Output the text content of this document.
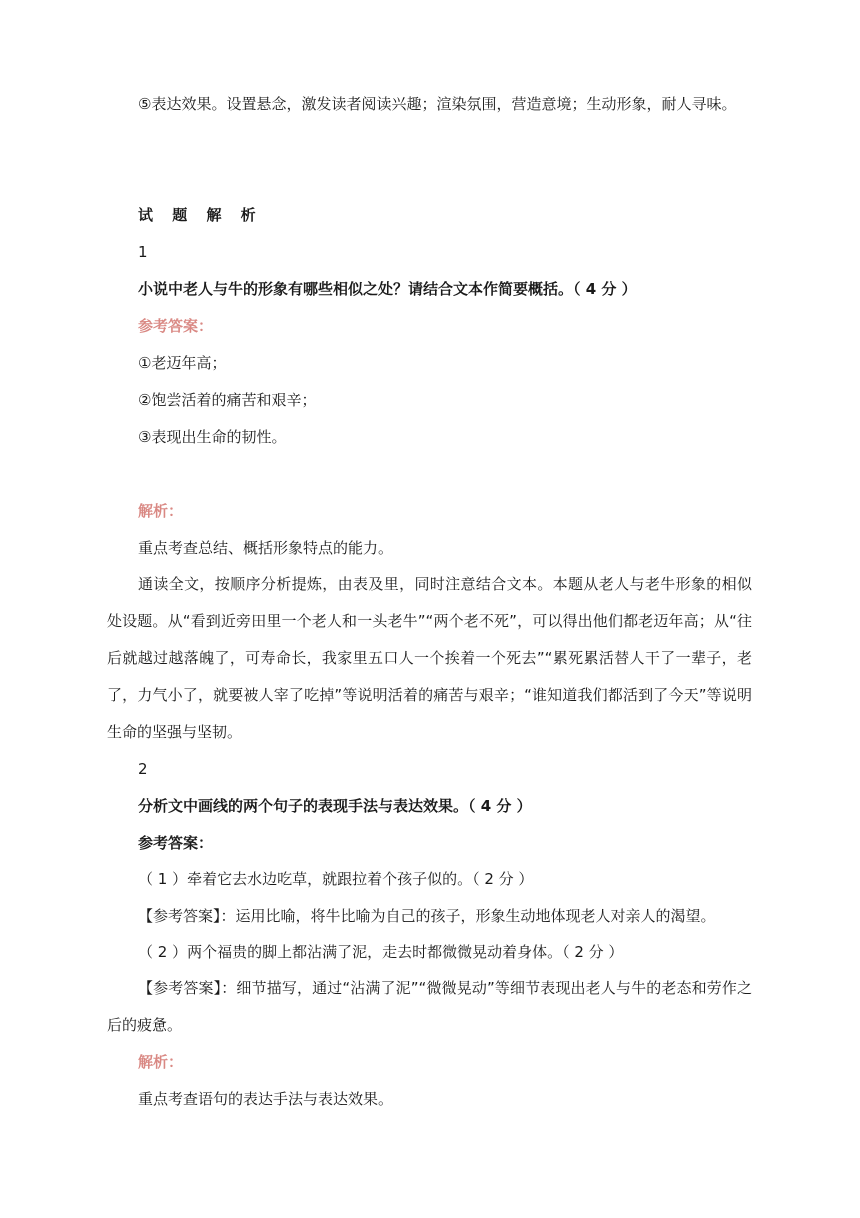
⑤表达效果。设置悬念，激发读者阅读兴趣；渲染氛围，营造意境；生动形象，耐人寻味。

试 题 解 析
1
小说中老人与牛的形象有哪些相似之处？请结合文本作简要概括。（ 4 分 ）
参考答案：
①老迈年高；
②饱尝活着的痛苦和艰辛；
③表现出生命的韧性。
解析：
重点考查总结、概括形象特点的能力。

通读全文，按顺序分析提炼，由表及里，同时注意结合文本。本题从老人与老牛形象的相似处设题。从“看到近旁田里一个老人和一头老牛”“两个老不死”，可以得出他们都老迈年高；从“往后就越过越落魄了，可寿命长，我家里五口人一个挨着一个死去”“累死累活替人干了一辈子，老了，力气小了，就要被人宰了吃掉”等说明活着的痛苦与艰辛；“谁知道我们都活到了今天”等说明生命的坚强与坚韧。

2
分析文中画线的两个句子的表现手法与表达效果。（ 4 分 ）
参考答案：
（ 1 ）牵着它去水边吃草，就跟拉着个孩子似的。（ 2 分 ）

【参考答案】：运用比喻，将牛比喻为自己的孩子，形象生动地体现老人对亲人的渴望。

（ 2 ）两个福贵的脚上都沾满了泥，走去时都微微晃动着身体。（ 2 分 ）

【参考答案】：细节描写，通过“沾满了泥”“微微晃动”等细节表现出老人与牛的老态和劳作之后的疲惫。

解析：
重点考查语句的表达手法与表达效果。
